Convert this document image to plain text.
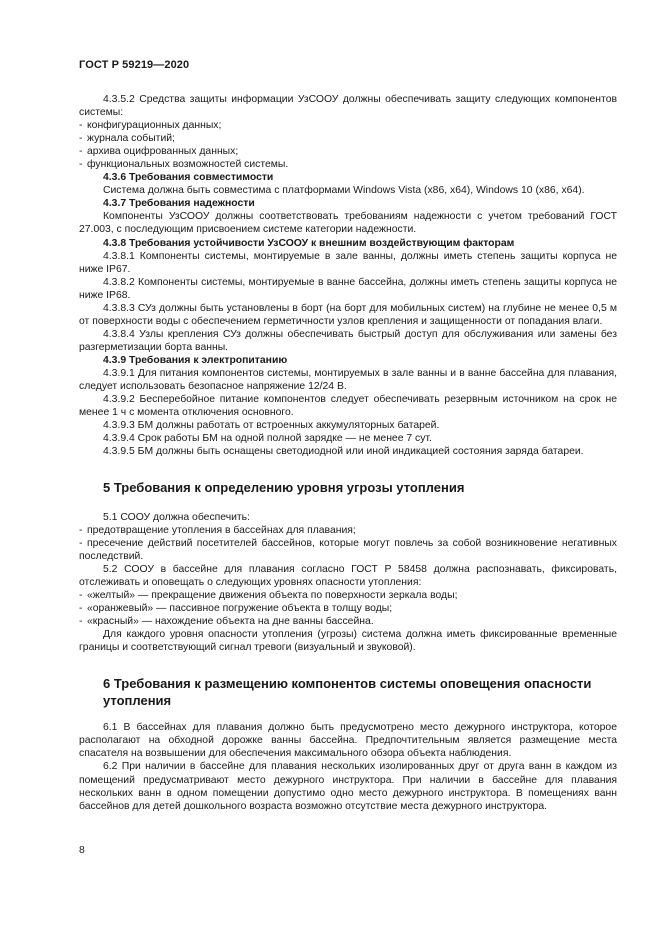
ГОСТ Р 59219—2020

4.3.5.2 Средства защиты информации УзСООУ должны обеспечивать защиту следующих компонентов системы:

- конфигурационных данных;

- журнала событий;

- архива оцифрованных данных;

- функциональных возможностей системы.

4.3.6 Требования совместимости

Система должна быть совместима с платформами Windows Vista (x86, x64), Windows 10 (x86, x64).

4.3.7 Требования надежности

Компоненты УзСООУ должны соответствовать требованиям надежности с учетом требований ГОСТ 27.003, с последующим присвоением системе категории надежности.

4.3.8 Требования устойчивости УзСООУ к внешним воздействующим факторам

4.3.8.1 Компоненты системы, монтируемые в зале ванны, должны иметь степень защиты корпуса не ниже IP67.

4.3.8.2 Компоненты системы, монтируемые в ванне бассейна, должны иметь степень защиты корпуса не ниже IP68.

4.3.8.3 СУз должны быть установлены в борт (на борт для мобильных систем) на глубине не менее 0,5 м от поверхности воды с обеспечением герметичности узлов крепления и защищенности от попадания влаги.

4.3.8.4 Узлы крепления СУз должны обеспечивать быстрый доступ для обслуживания или замены без разгерметизации борта ванны.

4.3.9 Требования к электропитанию

4.3.9.1 Для питания компонентов системы, монтируемых в зале ванны и в ванне бассейна для плавания, следует использовать безопасное напряжение 12/24 В.

4.3.9.2 Бесперебойное питание компонентов следует обеспечивать резервным источником на срок не менее 1 ч с момента отключения основного.

4.3.9.3 БМ должны работать от встроенных аккумуляторных батарей.

4.3.9.4 Срок работы БМ на одной полной зарядке — не менее 7 сут.

4.3.9.5 БМ должны быть оснащены светодиодной или иной индикацией состояния заряда батареи.

5 Требования к определению уровня угрозы утопления

5.1 СООУ должна обеспечить:

- предотвращение утопления в бассейнах для плавания;

- пресечение действий посетителей бассейнов, которые могут повлечь за собой возникновение негативных последствий.

5.2 СООУ в бассейне для плавания согласно ГОСТ Р 58458 должна распознавать, фиксировать, отслеживать и оповещать о следующих уровнях опасности утопления:

- «желтый» — прекращение движения объекта по поверхности зеркала воды;

- «оранжевый» — пассивное погружение объекта в толщу воды;

- «красный» — нахождение объекта на дне ванны бассейна.

Для каждого уровня опасности утопления (угрозы) система должна иметь фиксированные временные границы и соответствующий сигнал тревоги (визуальный и звуковой).

6 Требования к размещению компонентов системы оповещения опасности утопления

6.1 В бассейнах для плавания должно быть предусмотрено место дежурного инструктора, которое располагают на обходной дорожке ванны бассейна. Предпочтительным является размещение места спасателя на возвышении для обеспечения максимального обзора объекта наблюдения.

6.2 При наличии в бассейне для плавания нескольких изолированных друг от друга ванн в каждом из помещений предусматривают место дежурного инструктора. При наличии в бассейне для плавания нескольких ванн в одном помещении допустимо одно место дежурного инструктора. В помещениях ванн бассейнов для детей дошкольного возраста возможно отсутствие места дежурного инструктора.

8
